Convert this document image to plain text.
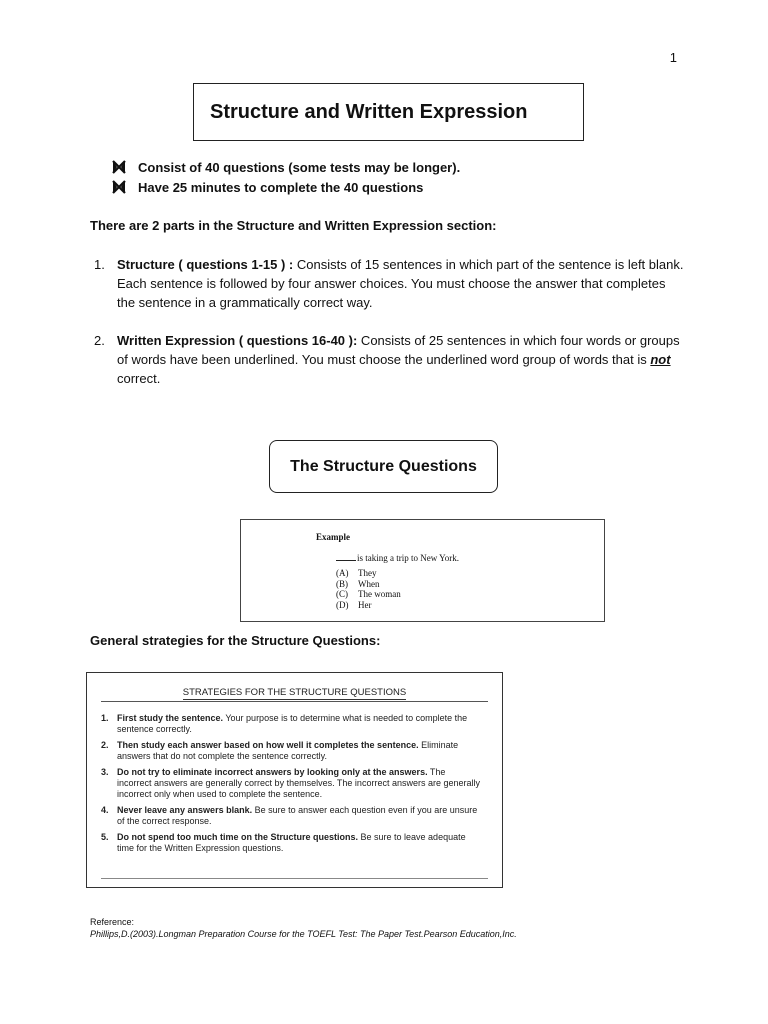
1
Structure and Written Expression
Consist of 40 questions (some tests may be longer).
Have 25 minutes to complete the 40 questions
There are 2 parts in the Structure and Written Expression section:
1. Structure ( questions 1-15 ) : Consists of 15 sentences in which part of the sentence is left blank. Each sentence is followed by four answer choices. You must choose the answer that completes the sentence in a grammatically correct way.
2. Written Expression ( questions 16-40 ): Consists of 25 sentences in which four words or groups of words have been underlined. You must choose the underlined word group of words that is not correct.
The Structure Questions
Example
is taking a trip to New York.
(A)	They
(B)	When
(C)	The woman
(D)	Her
General strategies for the Structure Questions:
STRATEGIES FOR THE STRUCTURE QUESTIONS
1. First study the sentence. Your purpose is to determine what is needed to complete the sentence correctly.
2. Then study each answer based on how well it completes the sentence. Eliminate answers that do not complete the sentence correctly.
3. Do not try to eliminate incorrect answers by looking only at the answers. The incorrect answers are generally correct by themselves. The incorrect answers are generally incorrect only when used to complete the sentence.
4. Never leave any answers blank. Be sure to answer each question even if you are unsure of the correct response.
5. Do not spend too much time on the Structure questions. Be sure to leave adequate time for the Written Expression questions.
Reference:
Phillips,D.(2003).Longman Preparation Course for the TOEFL Test: The Paper Test.Pearson Education,Inc.
